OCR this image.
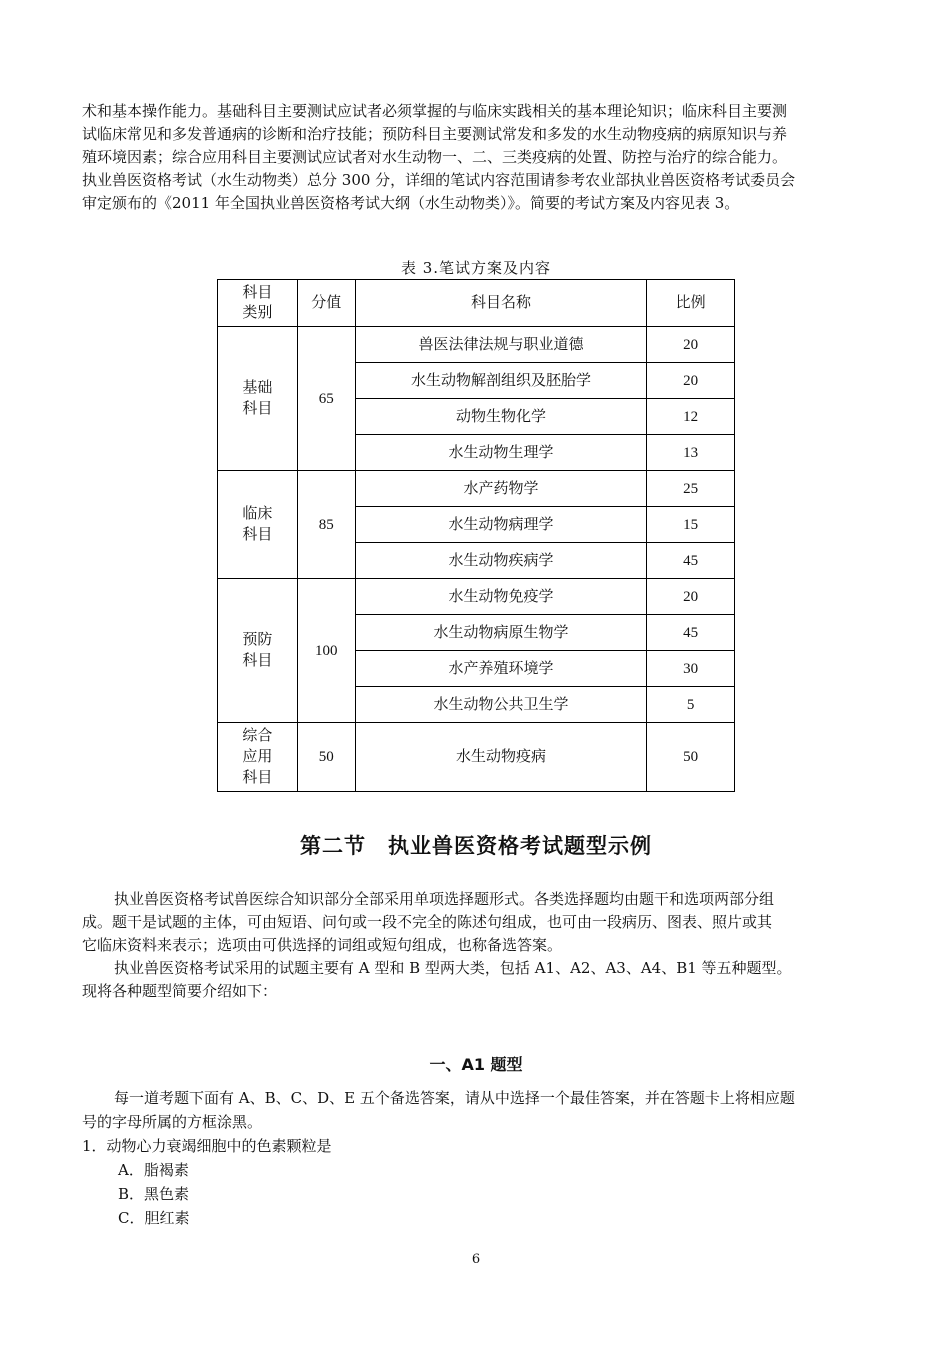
术和基本操作能力。基础科目主要测试应试者必须掌握的与临床实践相关的基本理论知识；临床科目主要测

试临床常见和多发普通病的诊断和治疗技能；预防科目主要测试常发和多发的水生动物疫病的病原知识与养

殖环境因素；综合应用科目主要测试应试者对水生动物一、二、三类疫病的处置、防控与治疗的综合能力。

执业兽医资格考试（水生动物类）总分 300 分，详细的笔试内容范围请参考农业部执业兽医资格考试委员会

审定颁布的《2011 年全国执业兽医资格考试大纲（水生动物类）》。简要的考试方案及内容见表 3。

表 3.笔试方案及内容
科目
类别	分值	科目名称	比例
基础
科目	65	兽医法律法规与职业道德	20
		水生动物解剖组织及胚胎学	20
		动物生物化学	12
		水生动物生理学	13
临床
科目	85	水产药物学	25
		水生动物病理学	15
		水生动物疾病学	45
预防
科目	100	水生动物免疫学	20
		水生动物病原生物学	45
		水产养殖环境学	30
		水生动物公共卫生学	5
综合
应用
科目	50	水生动物疫病	50
第二节　执业兽医资格考试题型示例

执业兽医资格考试兽医综合知识部分全部采用单项选择题形式。各类选择题均由题干和选项两部分组

成。题干是试题的主体，可由短语、问句或一段不完全的陈述句组成，也可由一段病历、图表、照片或其

它临床资料来表示；选项由可供选择的词组或短句组成，也称备选答案。

执业兽医资格考试采用的试题主要有 A 型和 B 型两大类，包括 A1、A2、A3、A4、B1 等五种题型。

现将各种题型简要介绍如下：

一、A1 题型

每一道考题下面有 A、B、C、D、E 五个备选答案，请从中选择一个最佳答案，并在答题卡上将相应题

号的字母所属的方框涂黑。

1．动物心力衰竭细胞中的色素颗粒是

A．脂褐素

B．黑色素

C．胆红素

6
